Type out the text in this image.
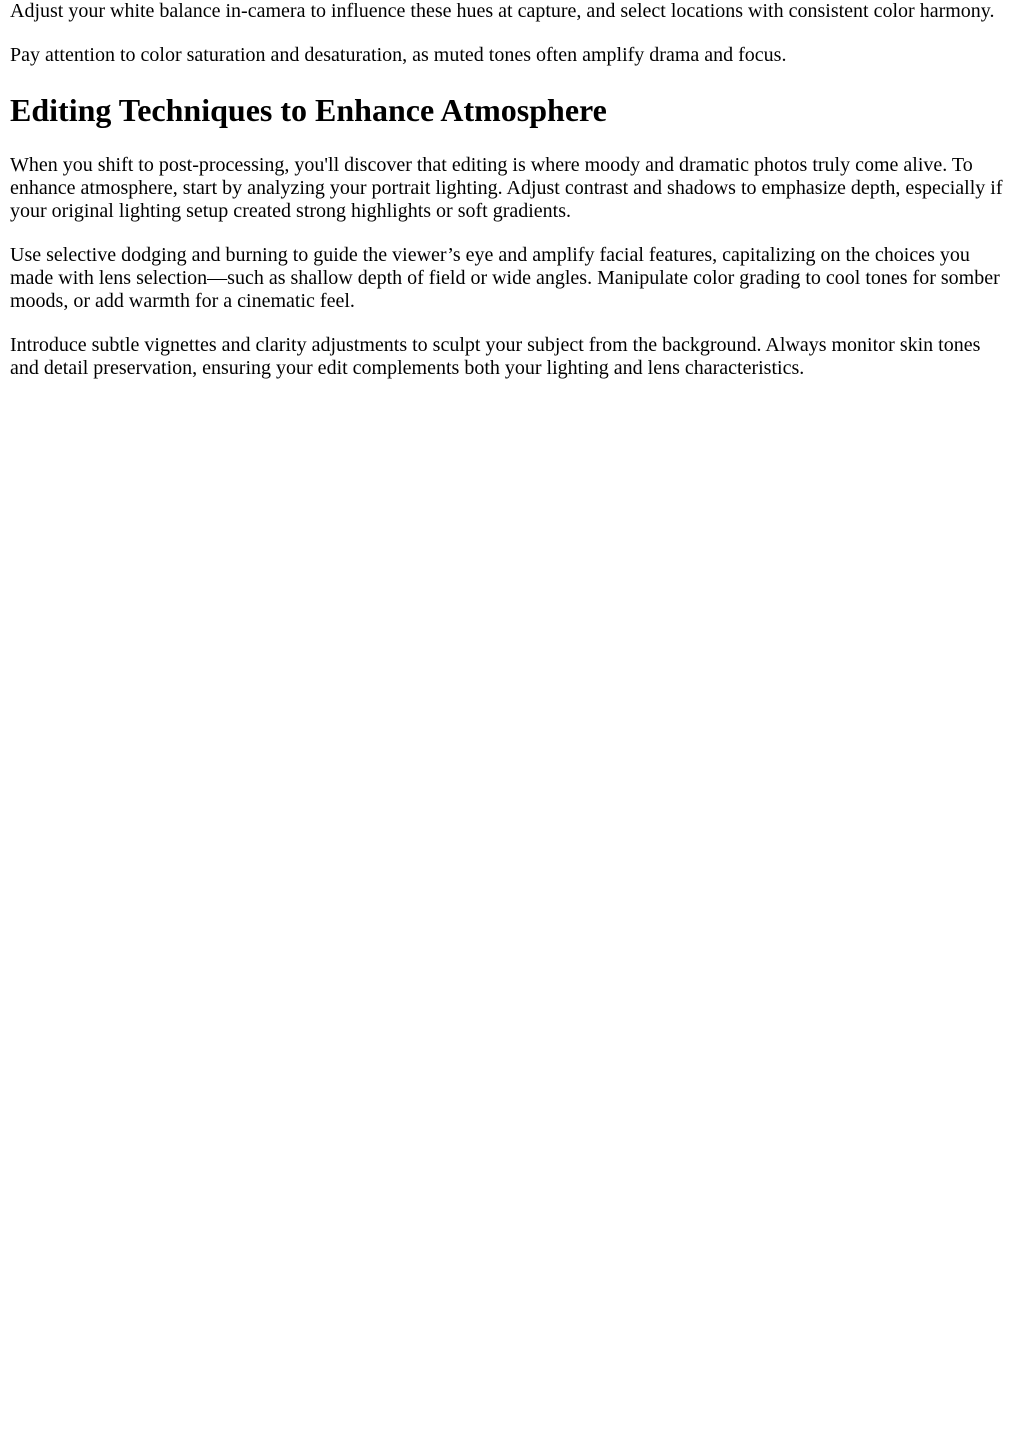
Adjust your white balance in-camera to influence these hues at capture, and select locations with consistent color harmony.

Pay attention to color saturation and desaturation, as muted tones often amplify drama and focus.

Editing Techniques to Enhance Atmosphere

When you shift to post-processing, you'll discover that editing is where moody and dramatic photos truly come alive. To enhance atmosphere, start by analyzing your portrait lighting. Adjust contrast and shadows to emphasize depth, especially if your original lighting setup created strong highlights or soft gradients.

Use selective dodging and burning to guide the viewer’s eye and amplify facial features, capitalizing on the choices you made with lens selection—such as shallow depth of field or wide angles. Manipulate color grading to cool tones for somber moods, or add warmth for a cinematic feel.

Introduce subtle vignettes and clarity adjustments to sculpt your subject from the background. Always monitor skin tones and detail preservation, ensuring your edit complements both your lighting and lens characteristics.
